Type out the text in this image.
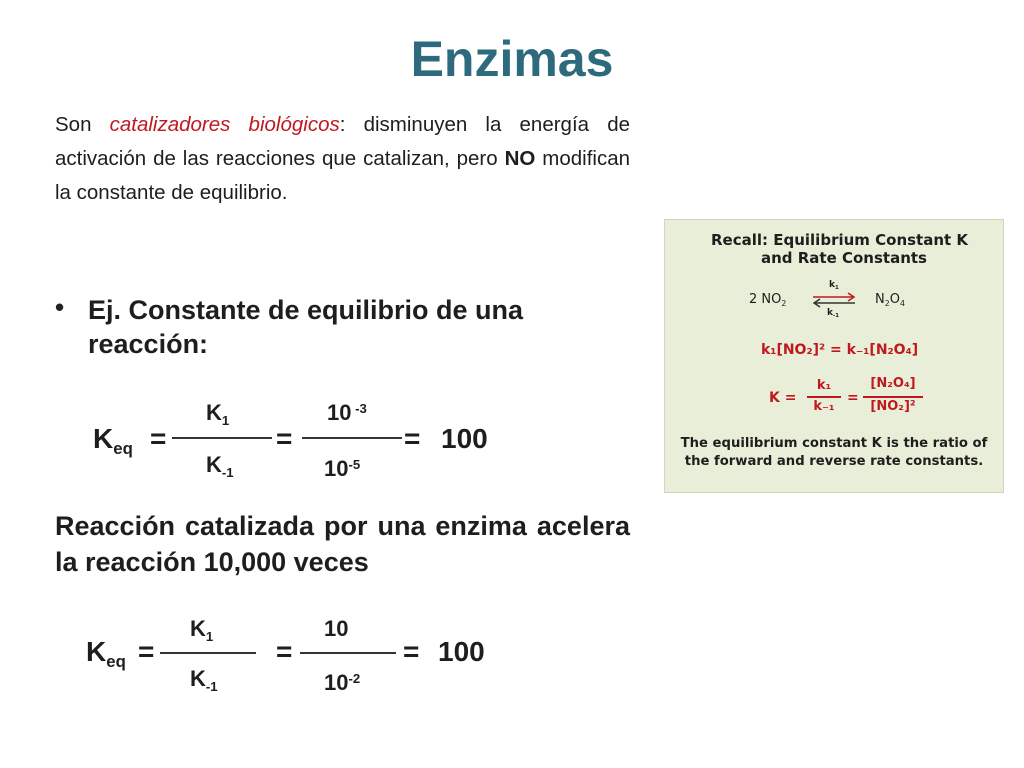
Enzimas
Son catalizadores biológicos: disminuyen la energía de activación de las reacciones que catalizan, pero NO modifican la constante de equilibrio.
• Ej. Constante de equilibrio de una reacción:
$K_{eq}$ =
$K_1$
$K_{-1}$
=
10 $^{-3}$
$10^{-5}$
= 100
Reacción catalizada por una enzima acelera la reacción 10,000 veces
$K_{eq}$ =
$K_1$
$K_{-1}$
=
10
$10^{-2}$
= 100
Recall: Equilibrium Constant K
and Rate Constants
2 $NO_2$
$k_1$
$k_{-1}$
$N_2O_4$
k₁[NO₂]² = k₋₁[N₂O₄]
K =
k₁
k₋₁
=
[N₂O₄]
[NO₂]²
The equilibrium constant K is the ratio of
the forward and reverse rate constants.
